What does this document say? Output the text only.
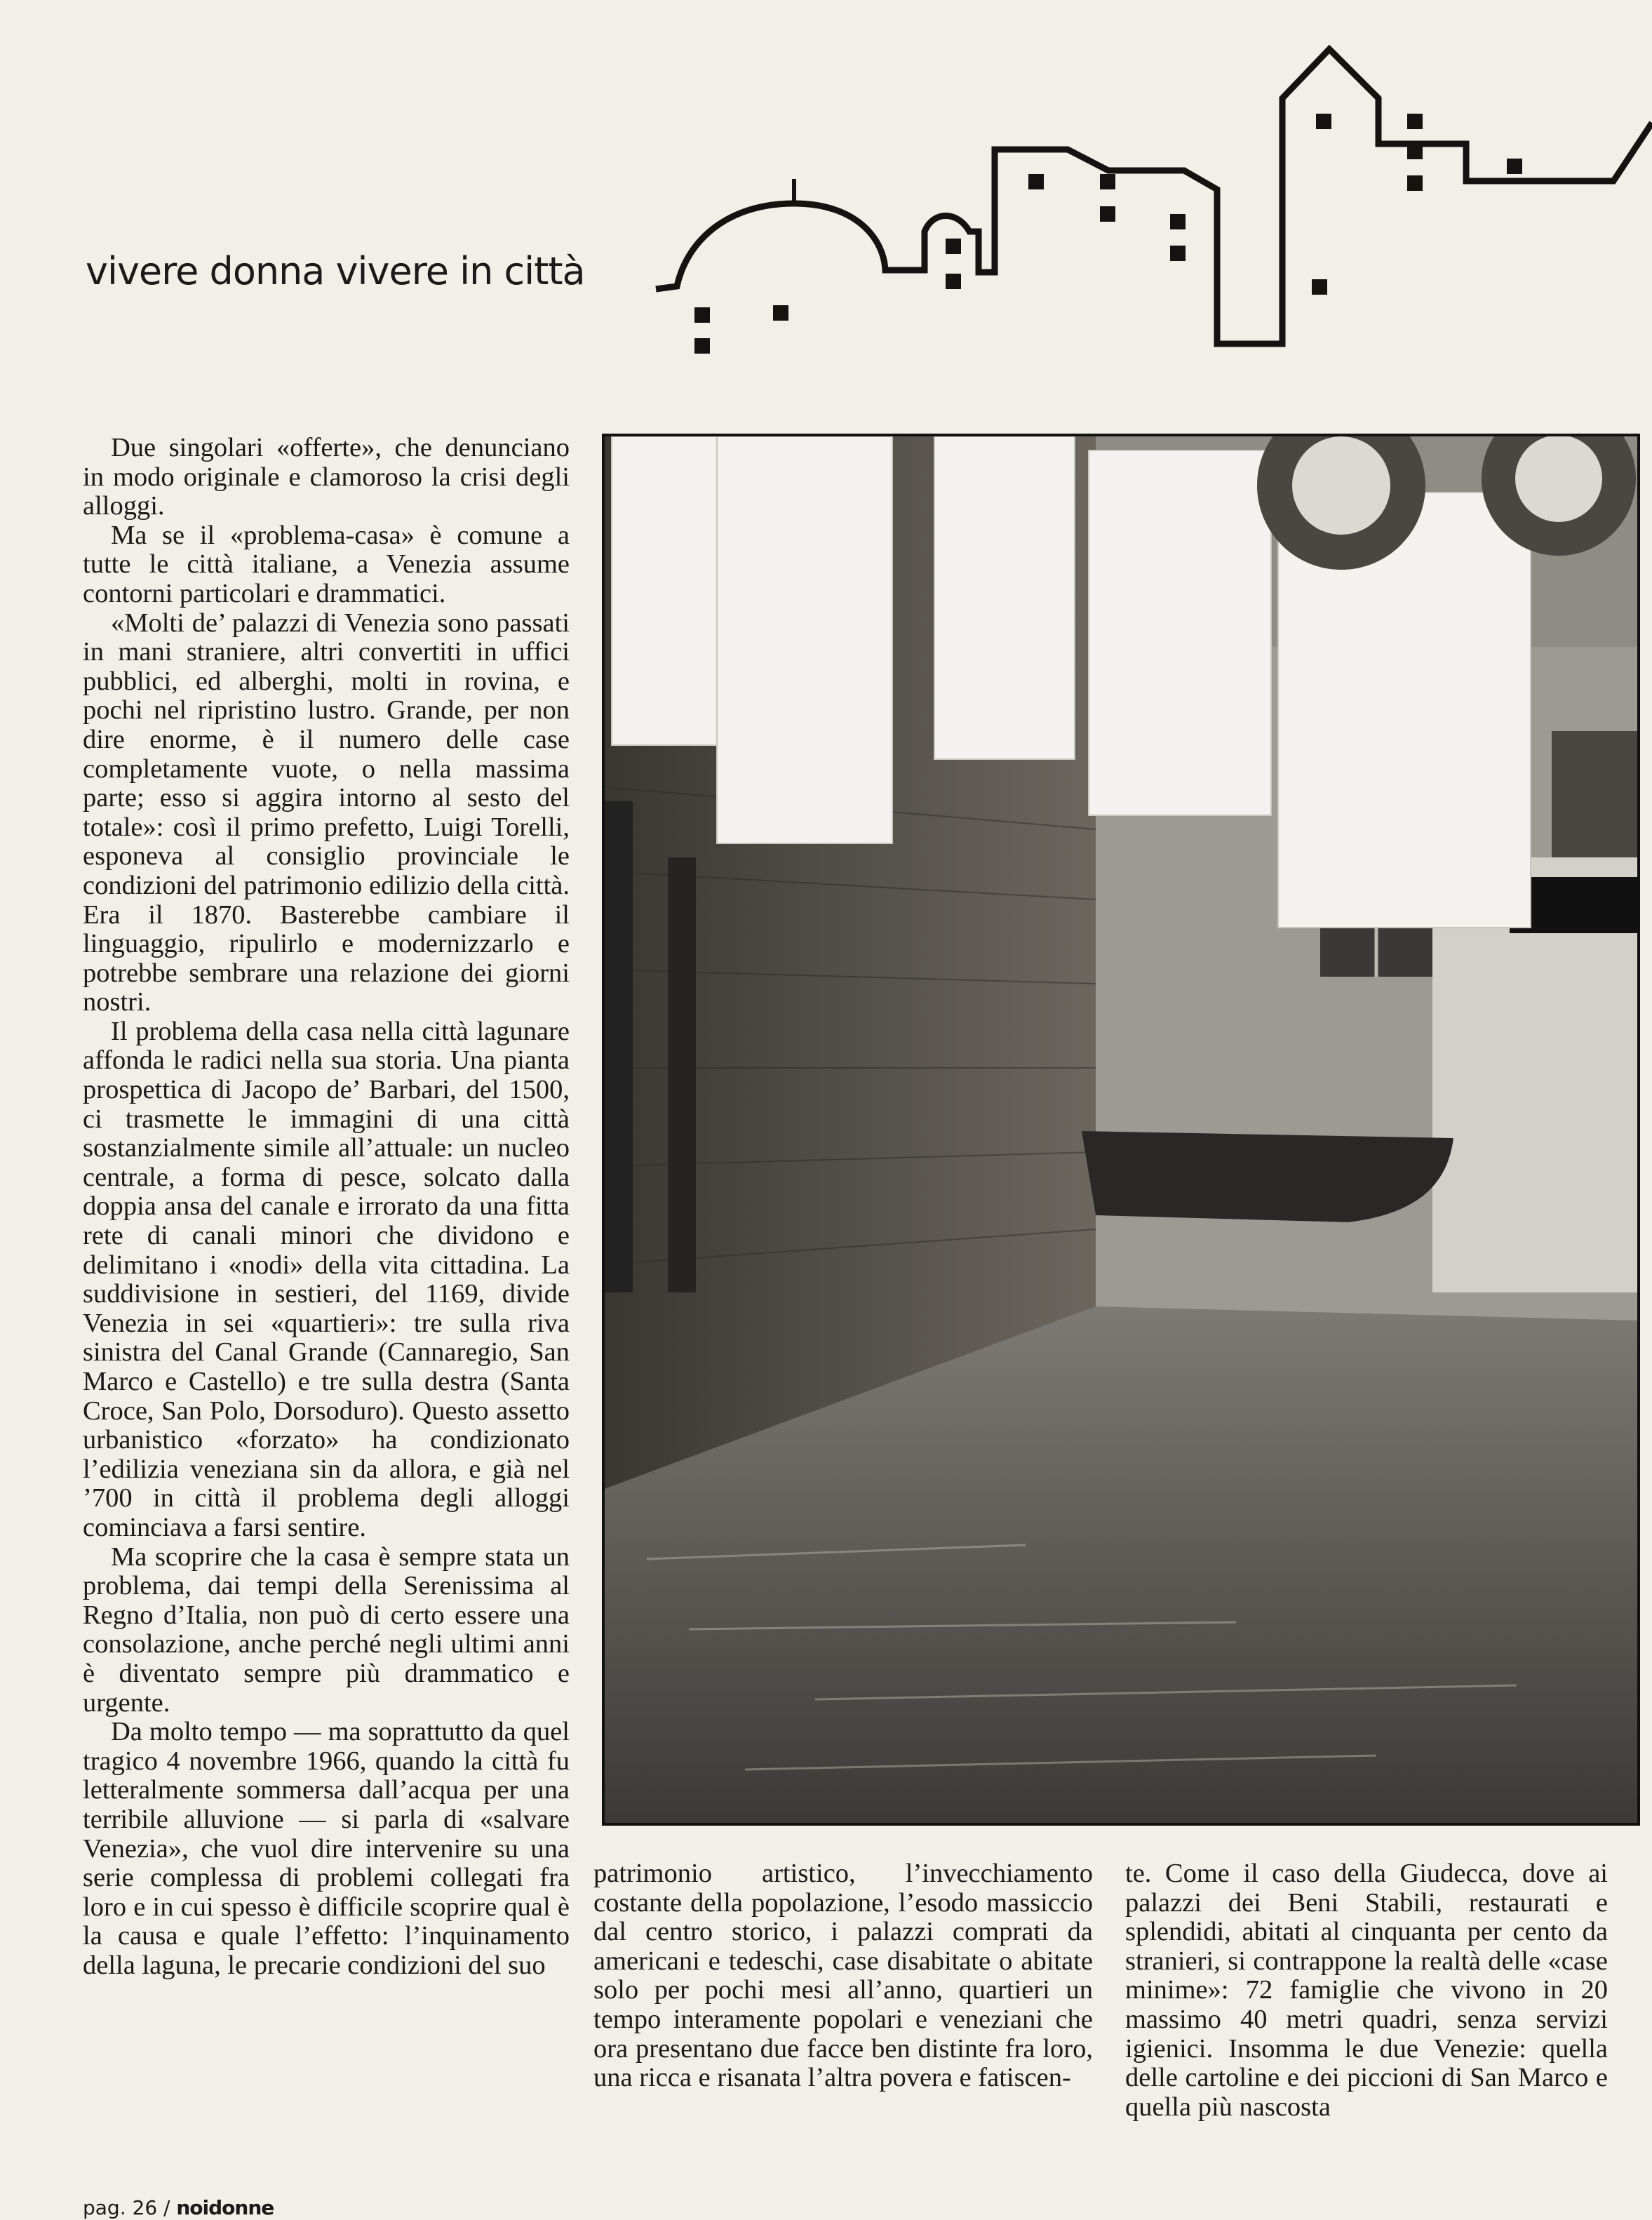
vivere donna vivere in città

Due singolari «offerte», che denunciano in modo originale e clamoroso la crisi degli alloggi.

Ma se il «problema-casa» è comune a tutte le città italiane, a Venezia assume contorni particolari e drammatici.

«Molti de’ palazzi di Venezia sono passati in mani straniere, altri convertiti in uffici pubblici, ed alberghi, molti in rovina, e pochi nel ripristino lustro. Grande, per non dire enorme, è il numero delle case completamente vuote, o nella massima parte; esso si aggira intorno al sesto del totale»: così il primo prefetto, Luigi Torelli, esponeva al consiglio provinciale le condizioni del patrimonio edilizio della città. Era il 1870. Basterebbe cambiare il linguaggio, ripulirlo e modernizzarlo e potrebbe sembrare una relazione dei giorni nostri.

Il problema della casa nella città lagunare affonda le radici nella sua storia. Una pianta prospettica di Jacopo de’ Barbari, del 1500, ci trasmette le immagini di una città sostanzialmente simile all’attuale: un nucleo centrale, a forma di pesce, solcato dalla doppia ansa del canale e irrorato da una fitta rete di canali minori che dividono e delimitano i «nodi» della vita cittadina. La suddivisione in sestieri, del 1169, divide Venezia in sei «quartieri»: tre sulla riva sinistra del Canal Grande (Cannaregio, San Marco e Castello) e tre sulla destra (Santa Croce, San Polo, Dorsoduro). Questo assetto urbanistico «forzato» ha condizionato l’edilizia veneziana sin da allora, e già nel ’700 in città il problema degli alloggi cominciava a farsi sentire.

Ma scoprire che la casa è sempre stata un problema, dai tempi della Serenissima al Regno d’Italia, non può di certo essere una consolazione, anche perché negli ultimi anni è diventato sempre più drammatico e urgente.

Da molto tempo — ma soprattutto da quel tragico 4 novembre 1966, quando la città fu letteralmente sommersa dall’acqua per una terribile alluvione — si parla di «salvare Venezia», che vuol dire intervenire su una serie complessa di problemi collegati fra loro e in cui spesso è difficile scoprire qual è la causa e quale l’effetto: l’inquinamento della laguna, le precarie condizioni del suo

patrimonio artistico, l’invecchiamento costante della popolazione, l’esodo massiccio dal centro storico, i palazzi comprati da americani e tedeschi, case disabitate o abitate solo per pochi mesi all’anno, quartieri un tempo interamente popolari e veneziani che ora presentano due facce ben distinte fra loro, una ricca e risanata l’altra povera e fatiscen-

te. Come il caso della Giudecca, dove ai palazzi dei Beni Stabili, restaurati e splendidi, abitati al cinquanta per cento da stranieri, si contrappone la realtà delle «case minime»: 72 famiglie che vivono in 20 massimo 40 metri quadri, senza servizi igienici. Insomma le due Venezie: quella delle cartoline e dei piccioni di San Marco e quella più nascosta

pag. 26 / noidonne
